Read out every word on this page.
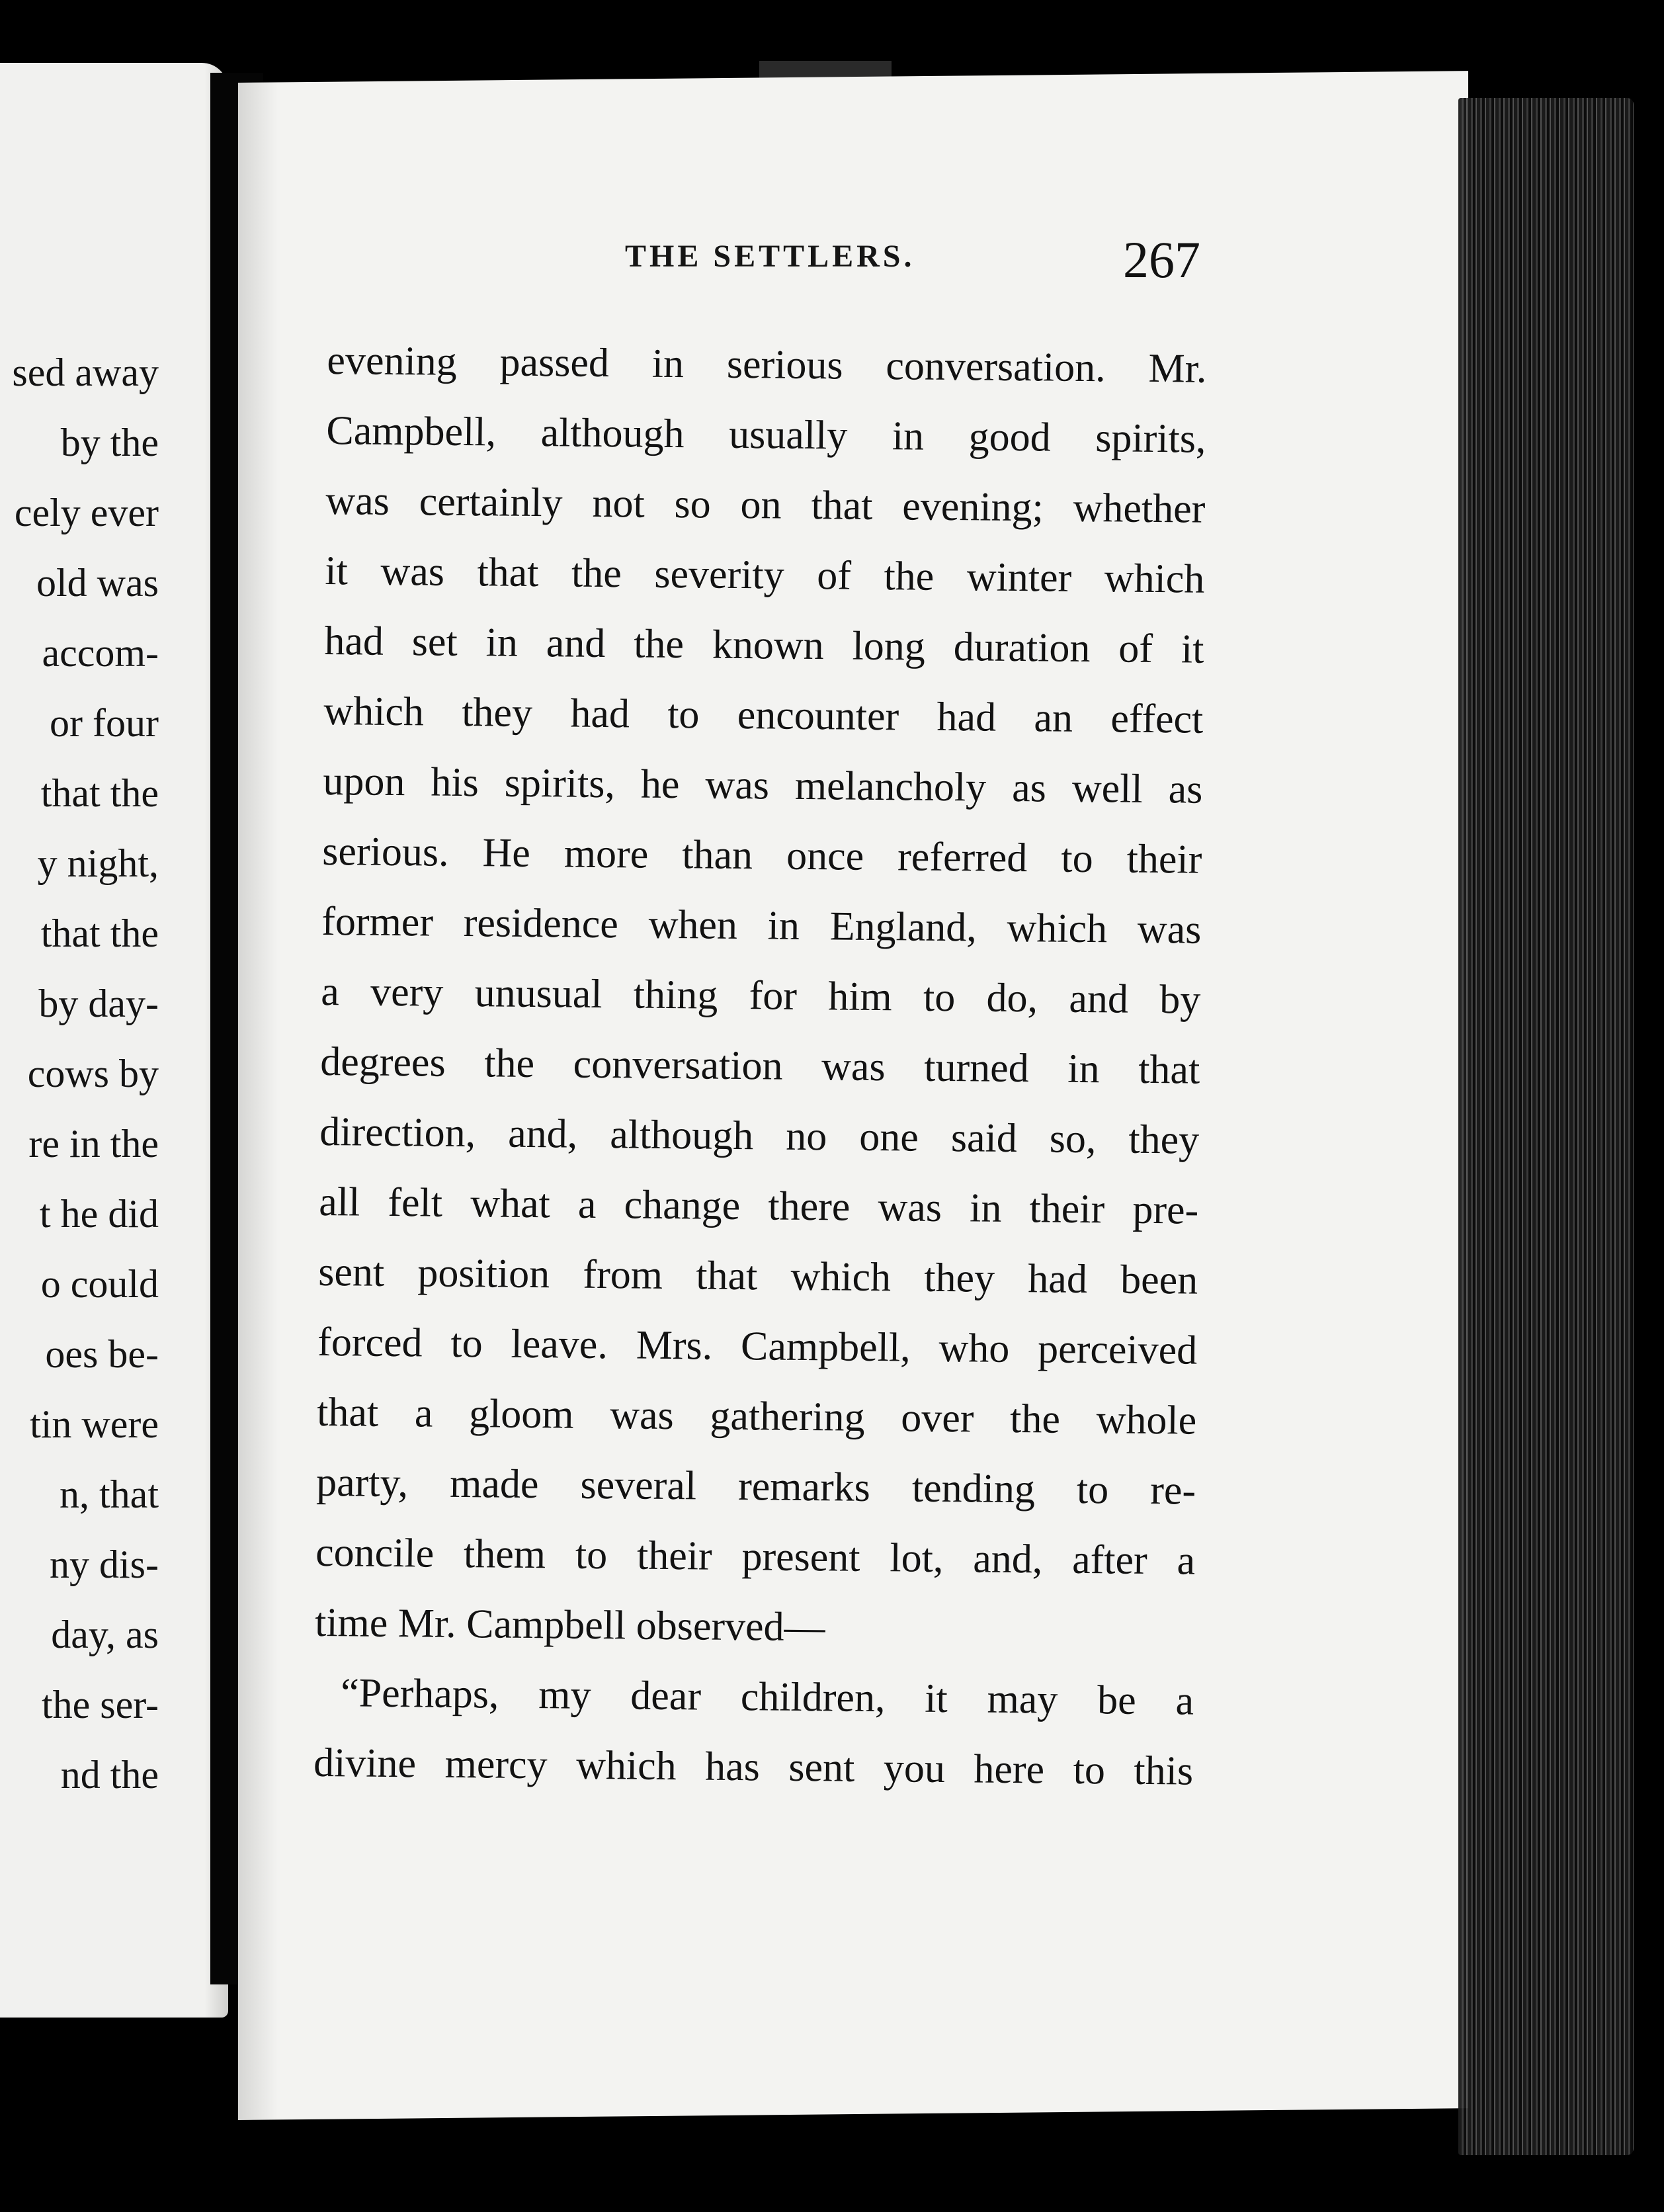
sed away
by the
cely ever
old was
accom-
or four
that the
y night,
that the
by day-
cows by
re in the
t he did
o could
oes be-
tin were
n, that
ny dis-
day, as
the ser-
nd the
THE SETTLERS.	267
evening passed in serious conversation. Mr.
Campbell, although usually in good spirits,
was certainly not so on that evening; whether
it was that the severity of the winter which
had set in and the known long duration of it
which they had to encounter had an effect
upon his spirits, he was melancholy as well as
serious. He more than once referred to their
former residence when in England, which was
a very unusual thing for him to do, and by
degrees the conversation was turned in that
direction, and, although no one said so, they
all felt what a change there was in their pre-
sent position from that which they had been
forced to leave. Mrs. Campbell, who perceived
that a gloom was gathering over the whole
party, made several remarks tending to re-
concile them to their present lot, and, after a
time Mr. Campbell observed—
“Perhaps, my dear children, it may be a
divine mercy which has sent you here to this
